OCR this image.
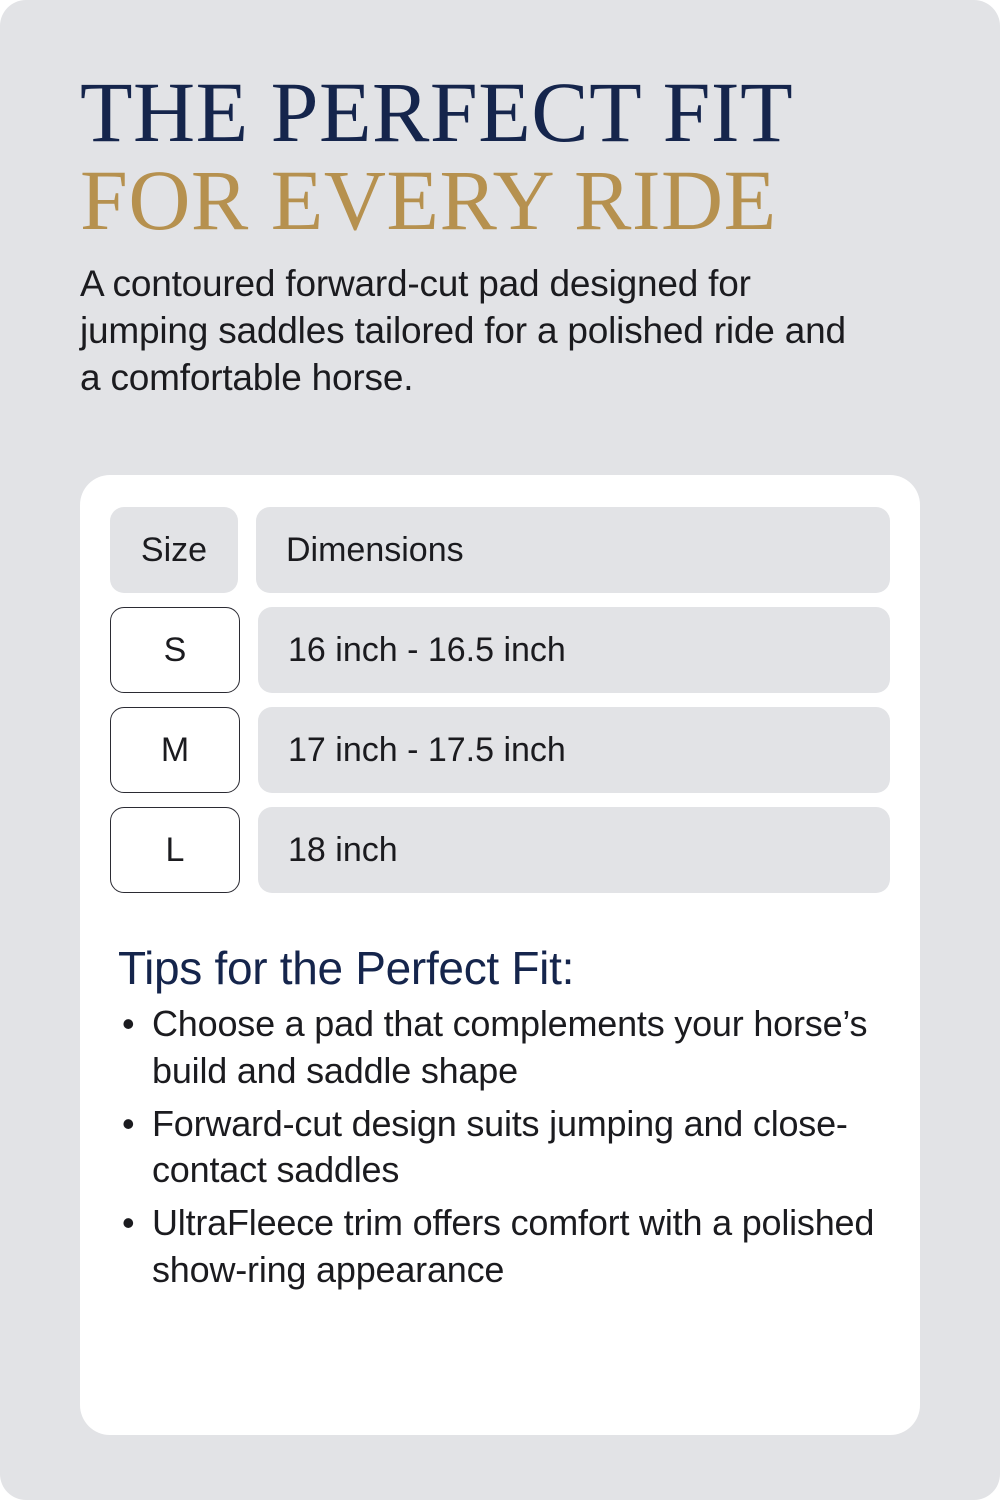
THE PERFECT FIT
FOR EVERY RIDE

A contoured forward-cut pad designed for jumping saddles tailored for a polished ride and a comfortable horse.

Size	Dimensions
S	16 inch - 16.5 inch
M	17 inch - 17.5 inch
L	18 inch
Tips for the Perfect Fit:
• Choose a pad that complements your horse’s build and saddle shape
• Forward-cut design suits jumping and close-contact saddles
• UltraFleece trim offers comfort with a polished show-ring appearance
